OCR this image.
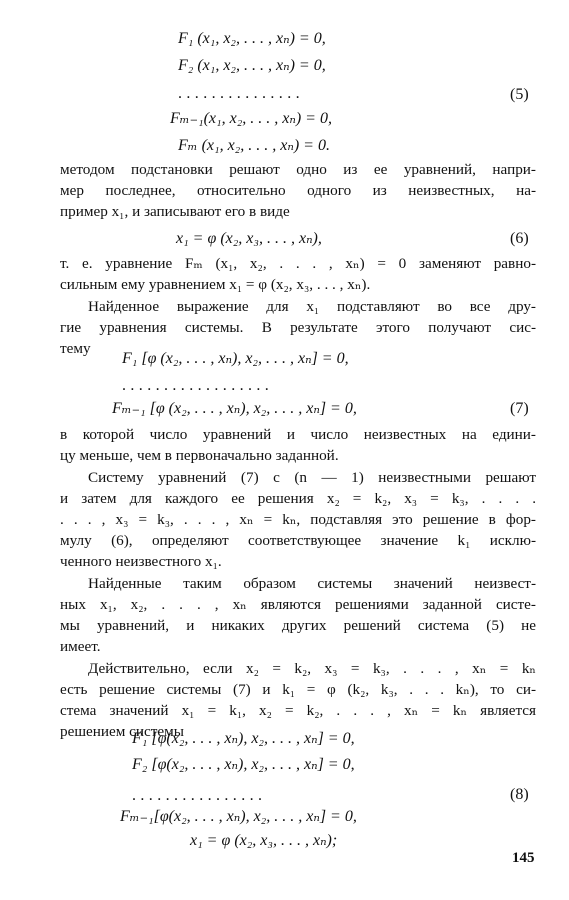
F₁ (x₁, x₂, . . . , xₙ) = 0,
F₂ (x₁, x₂, . . . , xₙ) = 0,
. . . . . . . . . . . . . . .
Fₘ₋₁(x₁, x₂, . . . , xₙ) = 0,
Fₘ (x₁, x₂, . . . , xₙ) = 0.
(5)
методом подстановки решают одно из ее уравнений, напри-
мер последнее, относительно одного из неизвестных, на-
пример x₁, и записывают его в виде
x₁ = φ (x₂, x₃, . . . , xₙ),	(6)
т. е. уравнение Fₘ (x₁, x₂, . . . , xₙ) = 0 заменяют равно-
сильным ему уравнением x₁ = φ (x₂, x₃, . . . , xₙ).
Найденное выражение для x₁ подставляют во все дру-
гие уравнения системы. В результате этого получают сис-
тему
F₁ [φ (x₂, . . . , xₙ), x₂, . . . , xₙ] = 0,
. . . . . . . . . . . . . . . . . .
Fₘ₋₁ [φ (x₂, . . . , xₙ), x₂, . . . , xₙ] = 0,	(7)
в которой число уравнений и число неизвестных на едини-
цу меньше, чем в первоначально заданной.
Систему уравнений (7) с (n — 1) неизвестными решают
и затем для каждого ее решения x₂ = k₂, x₃ = k₃, . . . .
. . . , x₃ = k₃, . . . , xₙ = kₙ, подставляя это решение в фор-
мулу (6), определяют соответствующее значение k₁ исклю-
ченного неизвестного x₁.
Найденные таким образом системы значений неизвест-
ных x₁, x₂, . . . , xₙ являются решениями заданной систе-
мы уравнений, и никаких других решений система (5) не
имеет.
Действительно, если x₂ = k₂, x₃ = k₃, . . . , xₙ = kₙ
есть решение системы (7) и k₁ = φ (k₂, k₃, . . . kₙ), то си-
стема значений x₁ = k₁, x₂ = k₂, . . . , xₙ = kₙ является
решением системы
F₁ [φ(x₂, . . . , xₙ), x₂, . . . , xₙ] = 0,
F₂ [φ(x₂, . . . , xₙ), x₂, . . . , xₙ] = 0,
. . . . . . . . . . . . . . . .
Fₘ₋₁[φ(x₂, . . . , xₙ), x₂, . . . , xₙ] = 0,
x₁ = φ (x₂, x₃, . . . , xₙ);
(8)
145
